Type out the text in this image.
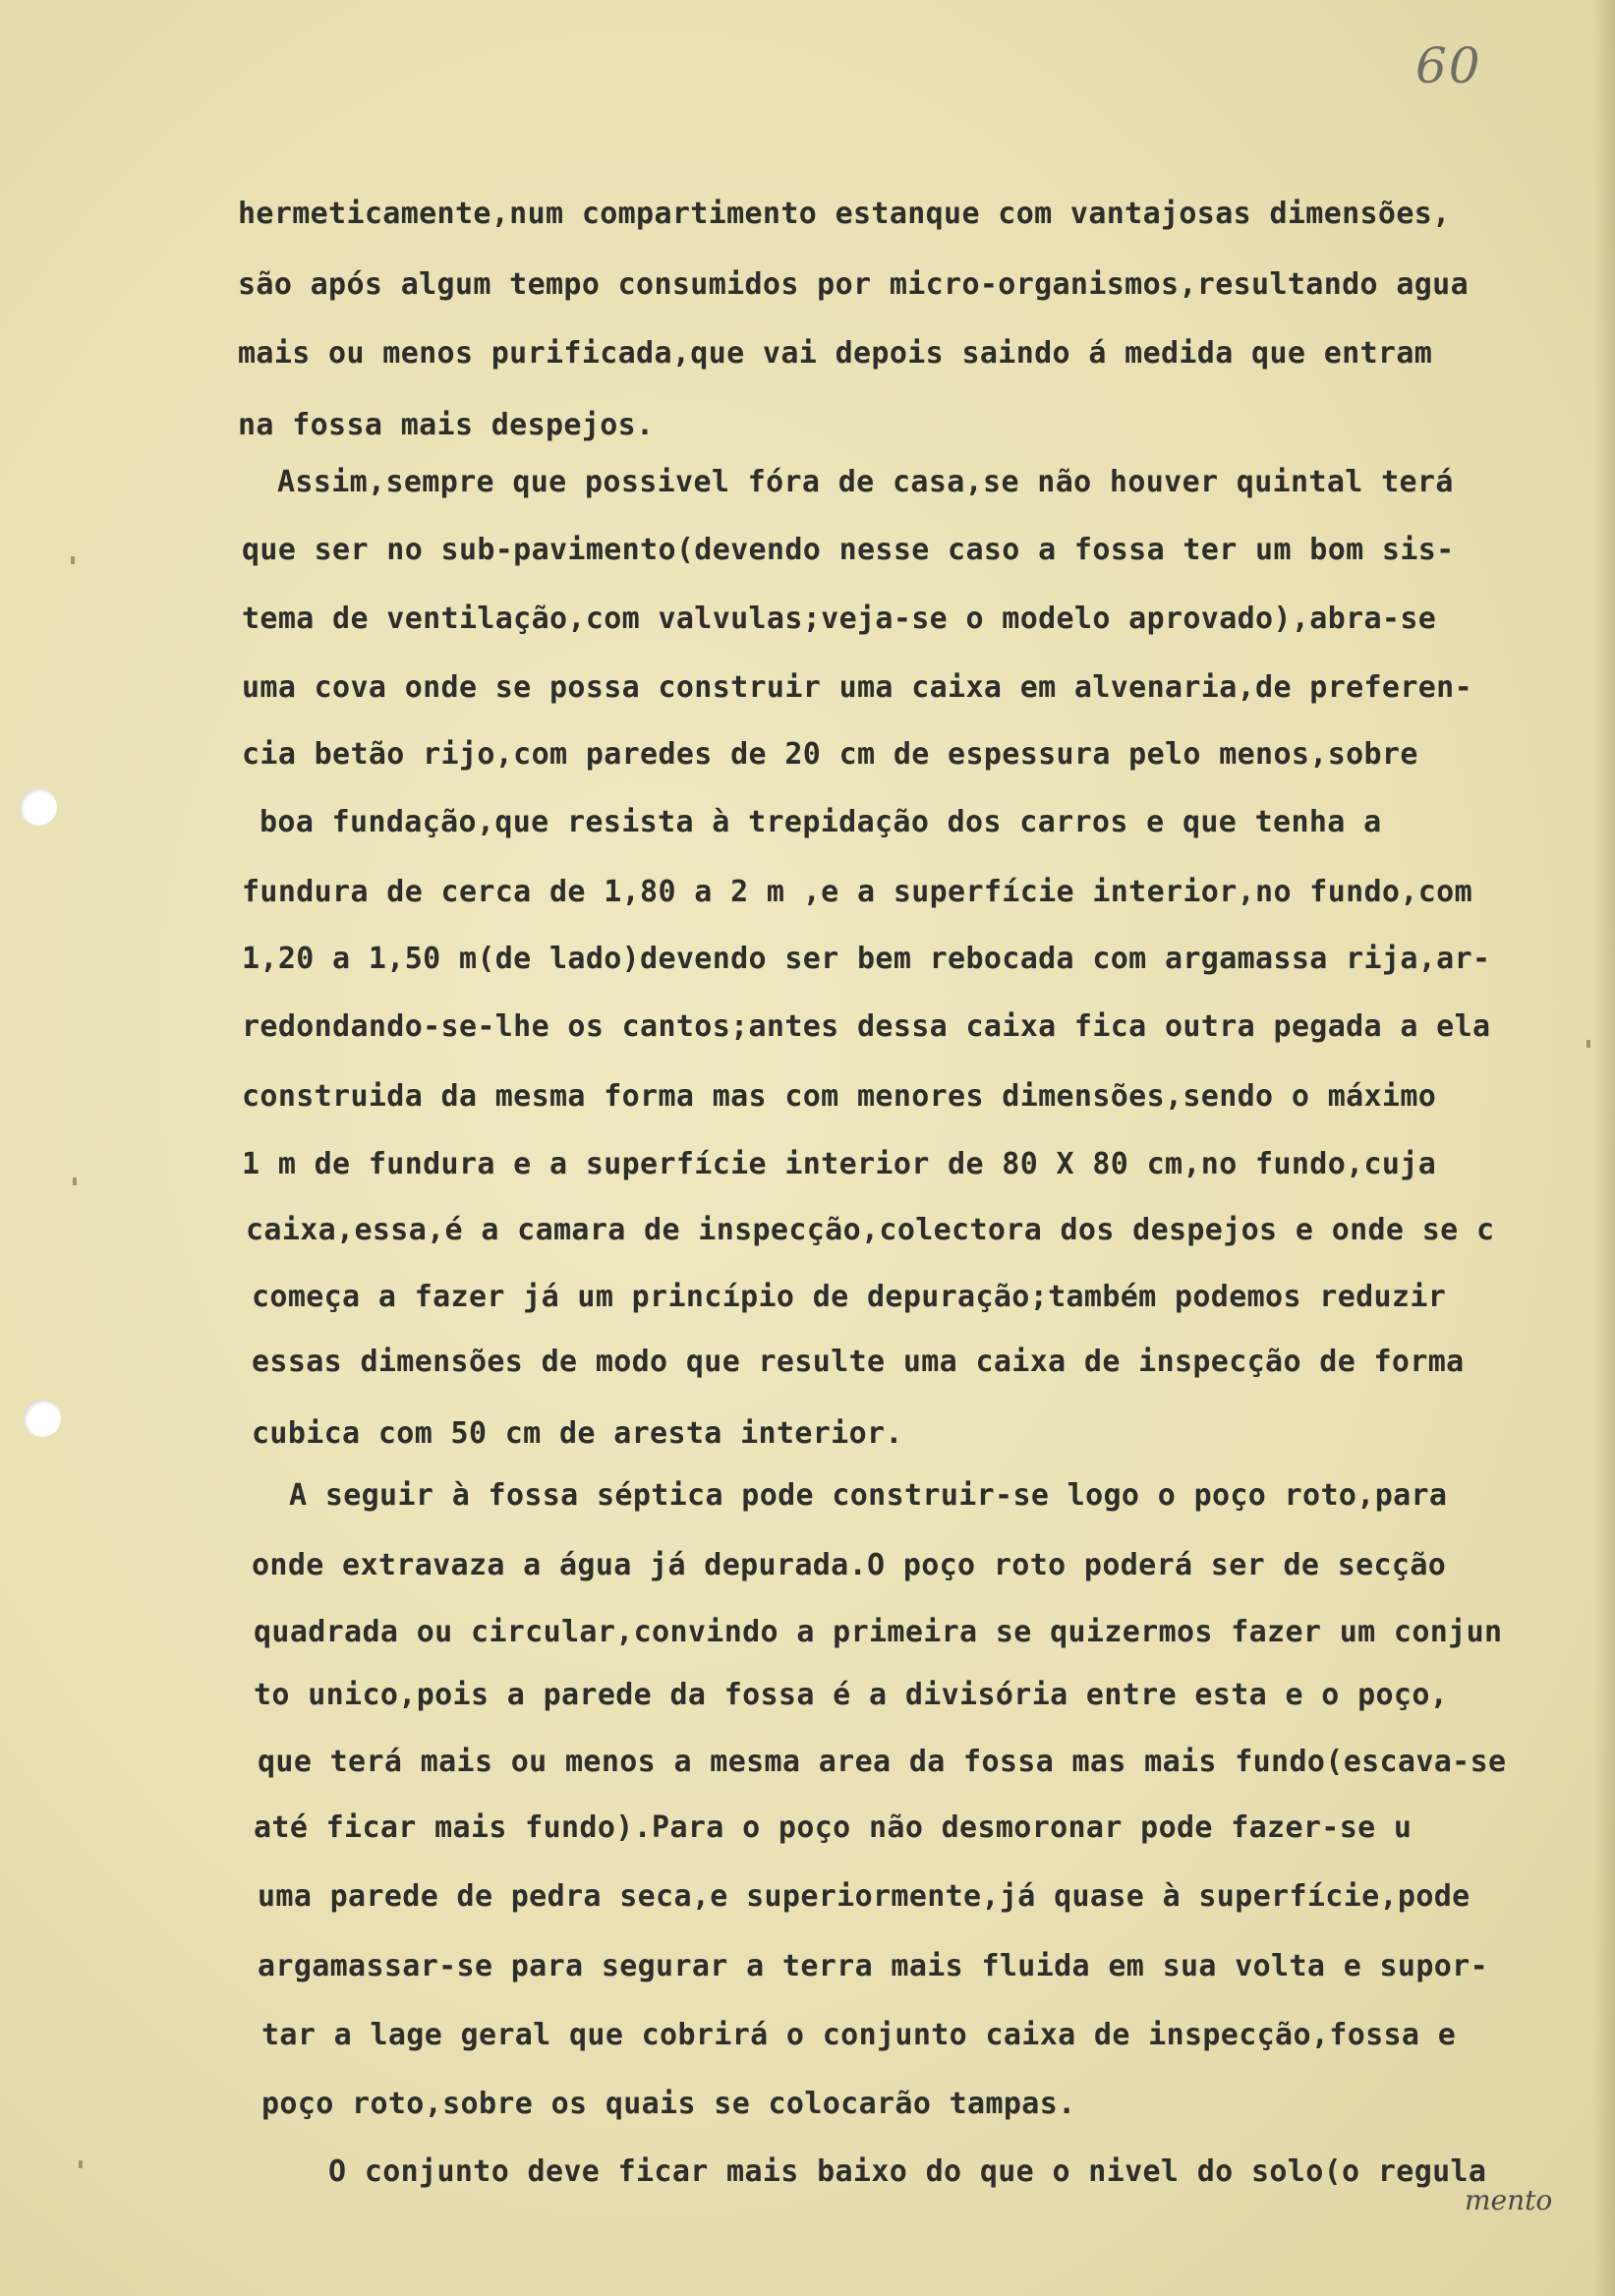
60
hermeticamente,num compartimento estanque com vantajosas dimensões,
são após algum tempo consumidos por micro-organismos,resultando agua
mais ou menos purificada,que vai depois saindo á medida que entram
na fossa mais despejos.
Assim,sempre que possivel fóra de casa,se não houver quintal terá
que ser no sub-pavimento(devendo nesse caso a fossa ter um bom sis-
tema de ventilação,com valvulas;veja-se o modelo aprovado),abra-se
uma cova onde se possa construir uma caixa em alvenaria,de preferen-
cia betão rijo,com paredes de 20 cm de espessura pelo menos,sobre
boa fundação,que resista à trepidação dos carros e que tenha a
fundura de cerca de 1,80 a 2 m ,e a superfície interior,no fundo,com
1,20 a 1,50 m(de lado)devendo ser bem rebocada com argamassa rija,ar-
redondando-se-lhe os cantos;antes dessa caixa fica outra pegada a ela
construida da mesma forma mas com menores dimensões,sendo o máximo
1 m de fundura e a superfície interior de 80 X 80 cm,no fundo,cuja
caixa,essa,é a camara de inspecção,colectora dos despejos e onde se c
começa a fazer já um princípio de depuração;também podemos reduzir
essas dimensões de modo que resulte uma caixa de inspecção de forma
cubica com 50 cm de aresta interior.
A seguir à fossa séptica pode construir-se logo o poço roto,para
onde extravaza a água já depurada.O poço roto poderá ser de secção
quadrada ou circular,convindo a primeira se quizermos fazer um conjun
to unico,pois a parede da fossa é a divisória entre esta e o poço,
que terá mais ou menos a mesma area da fossa mas mais fundo(escava-se
até ficar mais fundo).Para o poço não desmoronar pode fazer-se u
uma parede de pedra seca,e superiormente,já quase à superfície,pode
argamassar-se para segurar a terra mais fluida em sua volta e supor-
tar a lage geral que cobrirá o conjunto caixa de inspecção,fossa e
poço roto,sobre os quais se colocarão tampas.
O conjunto deve ficar mais baixo do que o nivel do solo(o regula
mento
